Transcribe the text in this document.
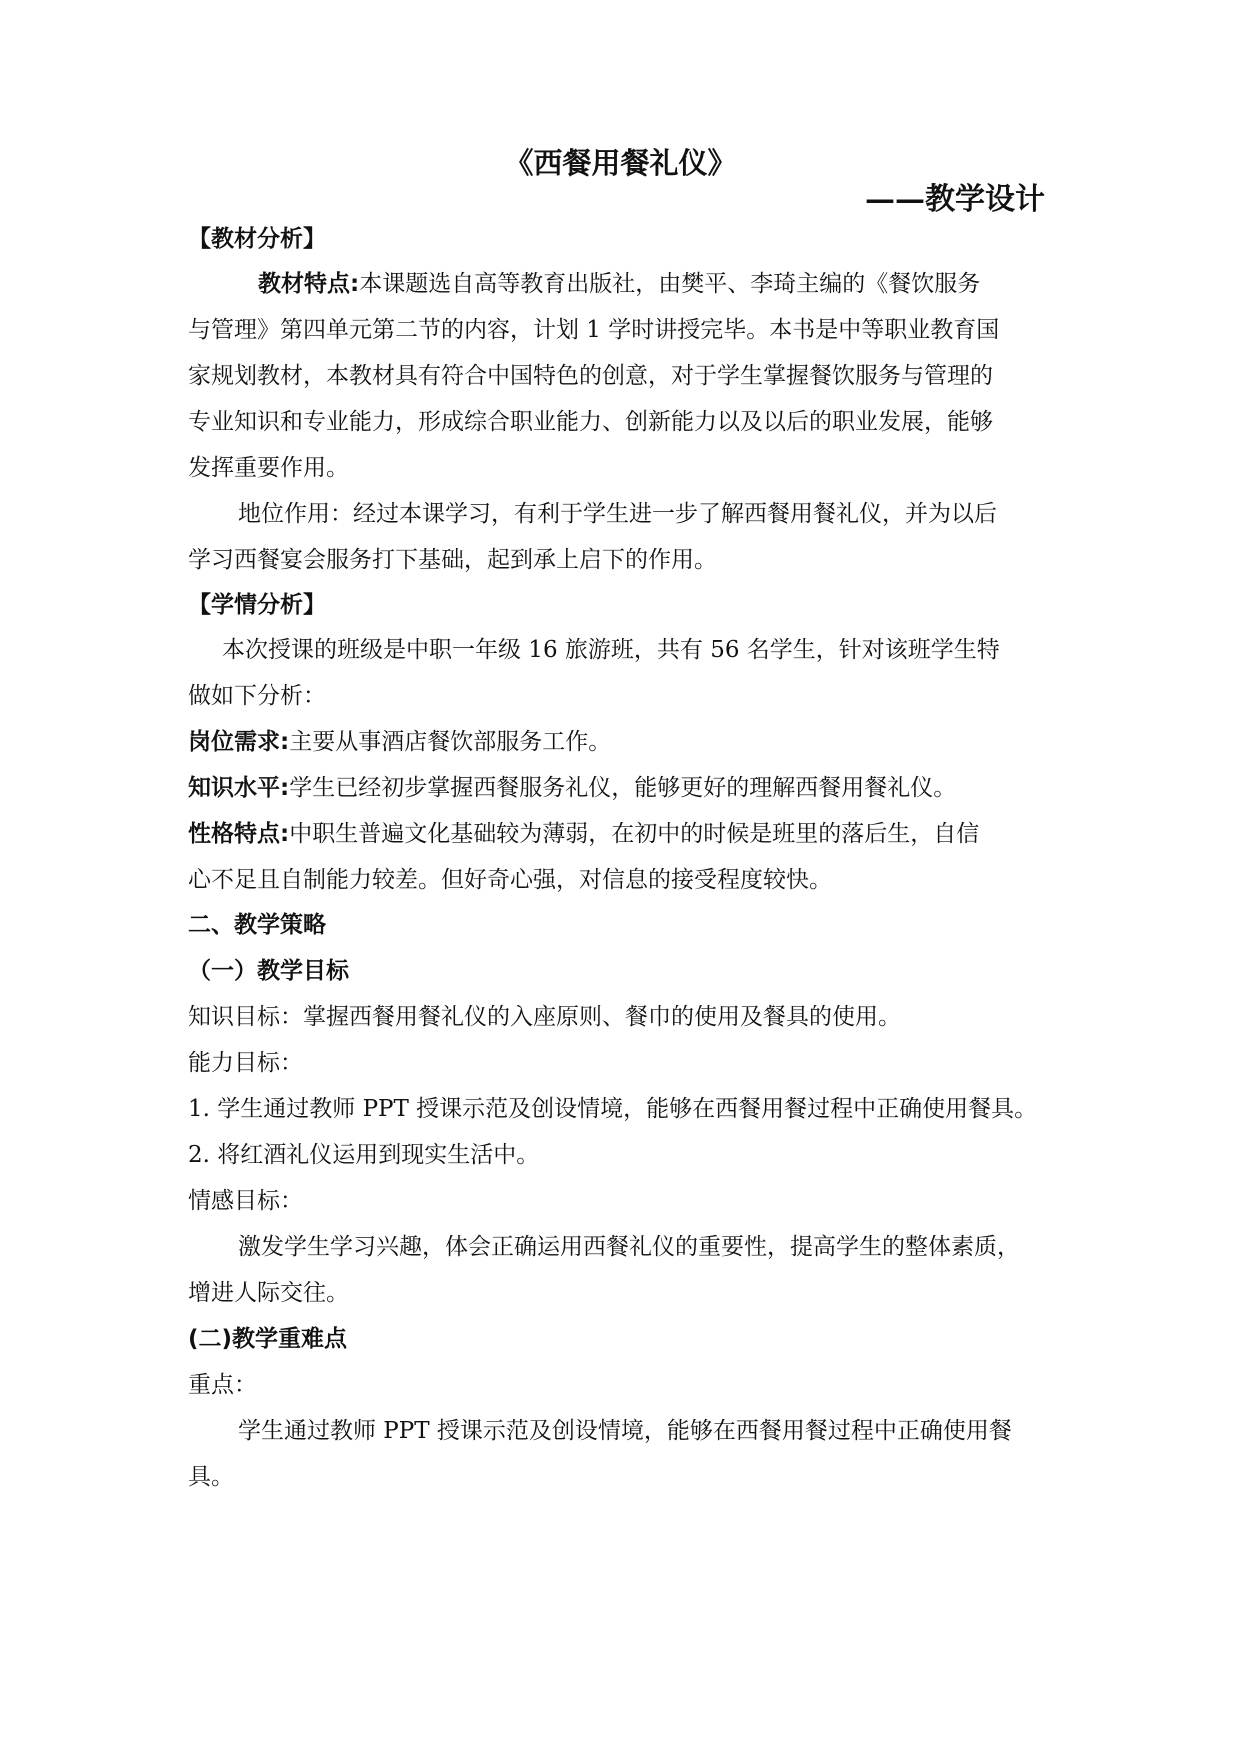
《西餐用餐礼仪》
——教学设计
【教材分析】
教材特点:本课题选自高等教育出版社，由樊平、李琦主编的《餐饮服务
与管理》第四单元第二节的内容，计划 1 学时讲授完毕。本书是中等职业教育国
家规划教材，本教材具有符合中国特色的创意，对于学生掌握餐饮服务与管理的
专业知识和专业能力，形成综合职业能力、创新能力以及以后的职业发展，能够
发挥重要作用。
地位作用：经过本课学习，有利于学生进一步了解西餐用餐礼仪，并为以后
学习西餐宴会服务打下基础，起到承上启下的作用。
【学情分析】
本次授课的班级是中职一年级 16 旅游班，共有 56 名学生，针对该班学生特
做如下分析：
岗位需求:主要从事酒店餐饮部服务工作。
知识水平:学生已经初步掌握西餐服务礼仪，能够更好的理解西餐用餐礼仪。
性格特点:中职生普遍文化基础较为薄弱，在初中的时候是班里的落后生，自信
心不足且自制能力较差。但好奇心强，对信息的接受程度较快。
二、教学策略
（一）教学目标
知识目标：掌握西餐用餐礼仪的入座原则、餐巾的使用及餐具的使用。
能力目标：
1. 学生通过教师 PPT 授课示范及创设情境，能够在西餐用餐过程中正确使用餐具。
2. 将红酒礼仪运用到现实生活中。
情感目标：
激发学生学习兴趣，体会正确运用西餐礼仪的重要性，提高学生的整体素质，
增进人际交往。
(二)教学重难点
重点：
学生通过教师 PPT 授课示范及创设情境，能够在西餐用餐过程中正确使用餐
具。
